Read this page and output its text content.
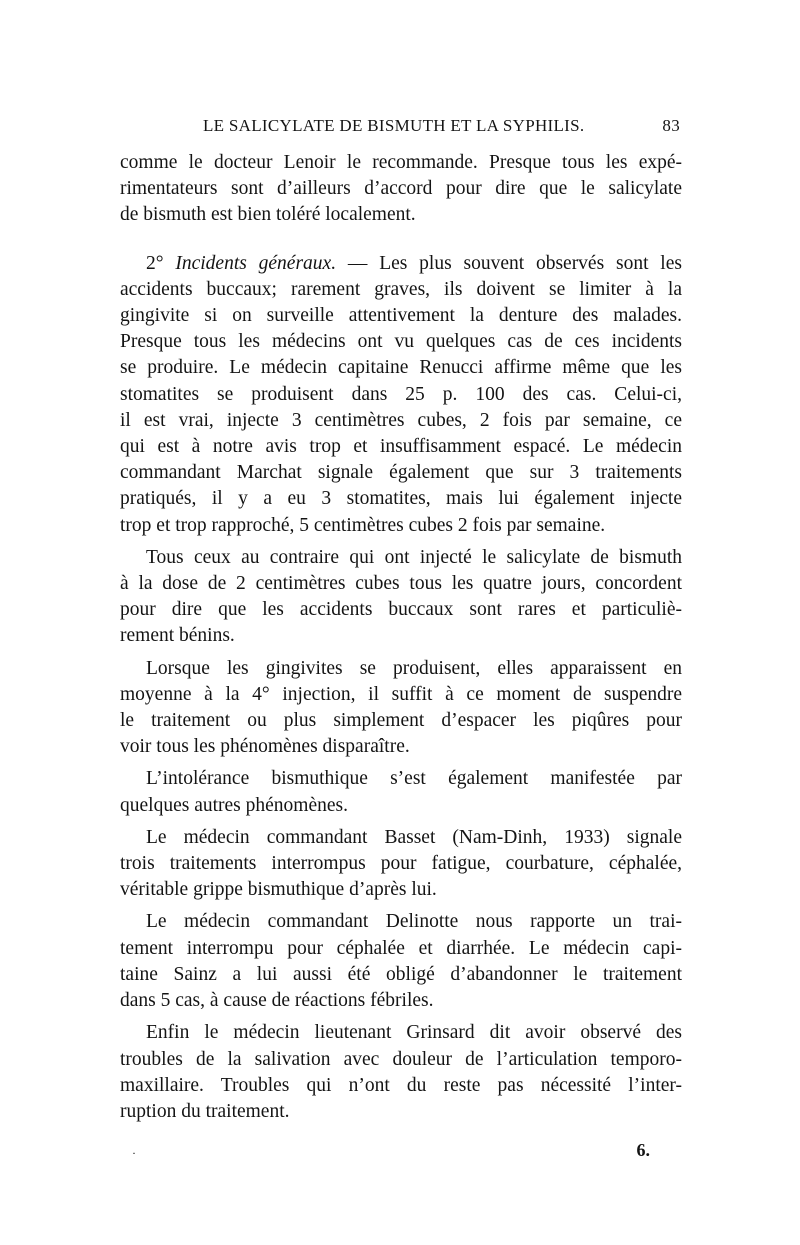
LE SALICYLATE DE BISMUTH ET LA SYPHILIS.	83
comme le docteur Lenoir le recommande. Presque tous les expé-
rimentateurs sont d’ailleurs d’accord pour dire que le salicylate
de bismuth est bien toléré localement.
2° Incidents généraux. — Les plus souvent observés sont les
accidents buccaux; rarement graves, ils doivent se limiter à la
gingivite si on surveille attentivement la denture des malades.
Presque tous les médecins ont vu quelques cas de ces incidents
se produire. Le médecin capitaine Renucci affirme même que les
stomatites se produisent dans 25 p. 100 des cas. Celui-ci,
il est vrai, injecte 3 centimètres cubes, 2 fois par semaine, ce
qui est à notre avis trop et insuffisamment espacé. Le médecin
commandant Marchat signale également que sur 3 traitements
pratiqués, il y a eu 3 stomatites, mais lui également injecte
trop et trop rapproché, 5 centimètres cubes 2 fois par semaine.
Tous ceux au contraire qui ont injecté le salicylate de bismuth
à la dose de 2 centimètres cubes tous les quatre jours, concordent
pour dire que les accidents buccaux sont rares et particuliè-
rement bénins.
Lorsque les gingivites se produisent, elles apparaissent en
moyenne à la 4° injection, il suffit à ce moment de suspendre
le traitement ou plus simplement d’espacer les piqûres pour
voir tous les phénomènes disparaître.
L’intolérance bismuthique s’est également manifestée par
quelques autres phénomènes.
Le médecin commandant Basset (Nam-Dinh, 1933) signale
trois traitements interrompus pour fatigue, courbature, céphalée,
véritable grippe bismuthique d’après lui.
Le médecin commandant Delinotte nous rapporte un trai-
tement interrompu pour céphalée et diarrhée. Le médecin capi-
taine Sainz a lui aussi été obligé d’abandonner le traitement
dans 5 cas, à cause de réactions fébriles.
Enfin le médecin lieutenant Grinsard dit avoir observé des
troubles de la salivation avec douleur de l’articulation temporo-
maxillaire. Troubles qui n’ont du reste pas nécessité l’inter-
ruption du traitement.
·	6.
